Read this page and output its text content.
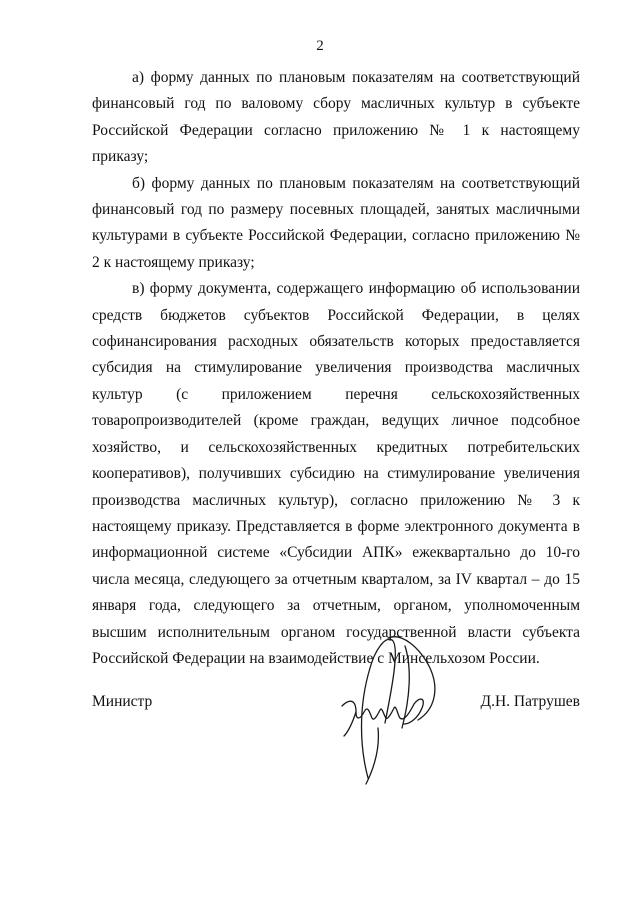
2

а) форму данных по плановым показателям на соответствующий финансовый год по валовому сбору масличных культур в субъекте Российской Федерации согласно приложению № 1 к настоящему приказу;

б) форму данных по плановым показателям на соответствующий финансовый год по размеру посевных площадей, занятых масличными культурами в субъекте Российской Федерации, согласно приложению № 2 к настоящему приказу;

в) форму документа, содержащего информацию об использовании средств бюджетов субъектов Российской Федерации, в целях софинансирования расходных обязательств которых предоставляется субсидия на стимулирование увеличения производства масличных культур (с приложением перечня сельскохозяйственных товаропроизводителей (кроме граждан, ведущих личное подсобное хозяйство, и сельскохозяйственных кредитных потребительских кооперативов), получивших субсидию на стимулирование увеличения производства масличных культур), согласно приложению № 3 к настоящему приказу. Представляется в форме электронного документа в информационной системе «Субсидии АПК» ежеквартально до 10-го числа месяца, следующего за отчетным кварталом, за IV квартал – до 15 января года, следующего за отчетным, органом, уполномоченным высшим исполнительным органом государственной власти субъекта Российской Федерации на взаимодействие с Минсельхозом России.

Министр	Д.Н. Патрушев
